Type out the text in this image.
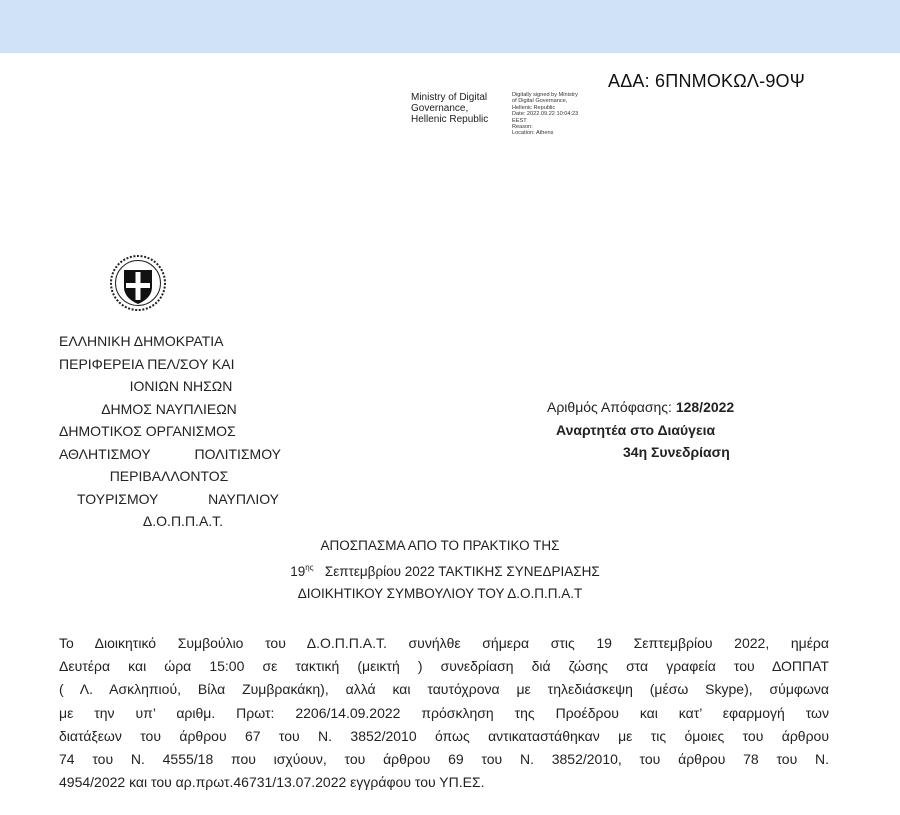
ΑΔΑ: 6ΠΝΜΟΚΩΛ-9ΟΨ
Ministry of Digital
Governance,
Hellenic Republic
Digitally signed by Ministry
of Digital Governance,
Hellenic Republic
Date: 2022.09.22 10:04:23
EEST
Reason:
Location: Athens
ΕΛΛΗΝΙΚΗ ΔΗΜΟΚΡΑΤΙΑ
ΠΕΡΙΦΕΡΕΙΑ ΠΕΛ/ΣΟΥ ΚΑΙ
ΙΟΝΙΩΝ ΝΗΣΩΝ
ΔΗΜΟΣ ΝΑΥΠΛΙΕΩΝ
ΔΗΜΟΤΙΚΟΣ ΟΡΓΑΝΙΣΜΟΣ
ΑΘΛΗΤΙΣΜΟΥ	ΠΟΛΙΤΙΣΜΟΥ
ΠΕΡΙΒΑΛΛΟΝΤΟΣ
ΤΟΥΡΙΣΜΟΥ	ΝΑΥΠΛΙΟΥ
Δ.Ο.Π.Π.Α.Τ.
Αριθμός Απόφασης: 128/2022
Αναρτητέα στο Διαύγεια
34η Συνεδρίαση
ΑΠΟΣΠΑΣΜΑ ΑΠΟ ΤΟ ΠΡΑΚΤΙΚΟ ΤΗΣ
$19^{\eta\varsigma}$ Σεπτεμβρίου 2022 ΤΑΚΤΙΚΗΣ ΣΥΝΕΔΡΙΑΣΗΣ
ΔΙΟΙΚΗΤΙΚΟΥ ΣΥΜΒΟΥΛΙΟΥ ΤΟΥ Δ.Ο.Π.Π.Α.Τ
Το Διοικητικό Συμβούλιο του Δ.Ο.Π.Π.Α.Τ. συνήλθε σήμερα στις 19 Σεπτεμβρίου 2022, ημέρα
Δευτέρα και ώρα 15:00 σε τακτική (μεικτή ) συνεδρίαση διά ζώσης στα γραφεία του ΔΟΠΠΑΤ
( Λ. Ασκληπιού, Βίλα Ζυμβρακάκη), αλλά και ταυτόχρονα με τηλεδιάσκεψη (μέσω Skype), σύμφωνα
με την υπ’ αριθμ. Πρωτ: 2206/14.09.2022 πρόσκληση της Προέδρου και κατ’ εφαρμογή των
διατάξεων του άρθρου 67 του Ν. 3852/2010 όπως αντικαταστάθηκαν με τις όμοιες του άρθρου
74 του Ν. 4555/18 που ισχύουν, του άρθρου 69 του Ν. 3852/2010, του άρθρου 78 του Ν.
4954/2022 και του αρ.πρωτ.46731/13.07.2022 εγγράφου του ΥΠ.ΕΣ.
